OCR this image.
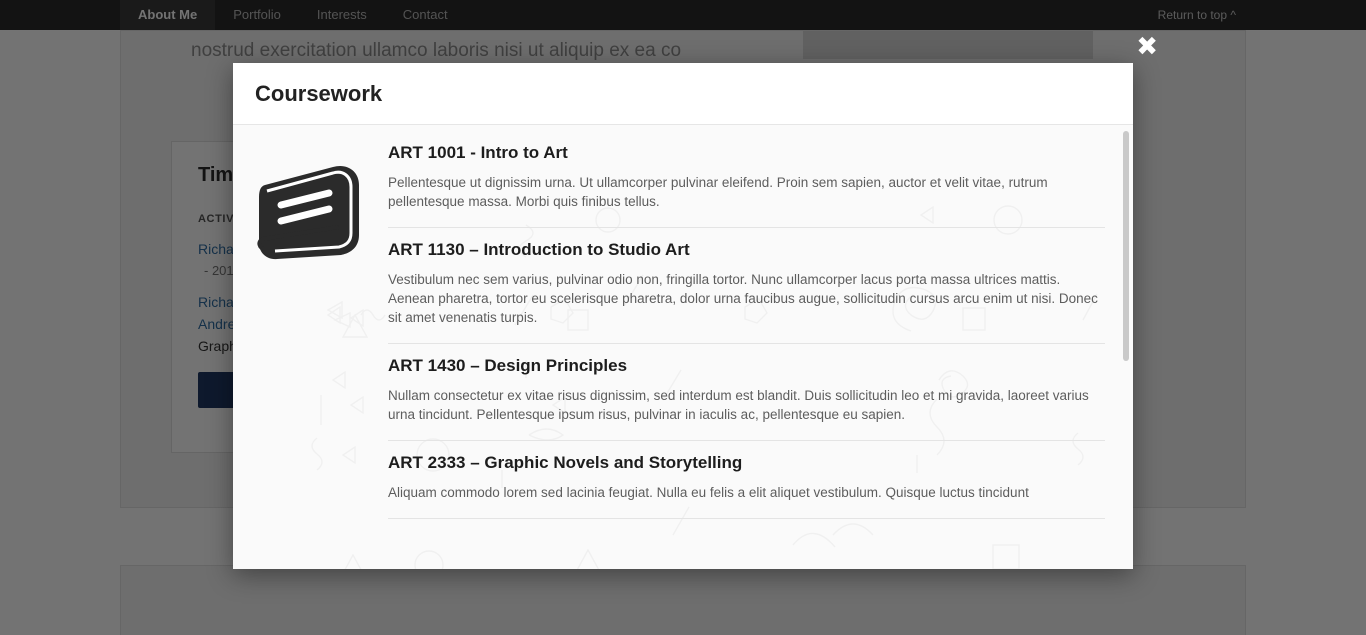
✖
Coursework

ART 1001 - Intro to Art

Pellentesque ut dignissim urna. Ut ullamcorper pulvinar eleifend. Proin sem sapien, auctor et velit vitae, rutrum pellentesque massa. Morbi quis finibus tellus.

ART 1130 – Introduction to Studio Art

Vestibulum nec sem varius, pulvinar odio non, fringilla tortor. Nunc ullamcorper lacus porta massa ultrices mattis. Aenean pharetra, tortor eu scelerisque pharetra, dolor urna faucibus augue, sollicitudin cursus arcu enim ut nisi. Donec sit amet venenatis turpis.

ART 1430 – Design Principles

Nullam consectetur ex vitae risus dignissim, sed interdum est blandit. Duis sollicitudin leo et mi gravida, laoreet varius urna tincidunt. Pellentesque ipsum risus, pulvinar in iaculis ac, pellentesque eu sapien.

ART 2333 – Graphic Novels and Storytelling

Aliquam commodo lorem sed lacinia feugiat. Nulla eu felis a elit aliquet vestibulum. Quisque luctus tincidunt
